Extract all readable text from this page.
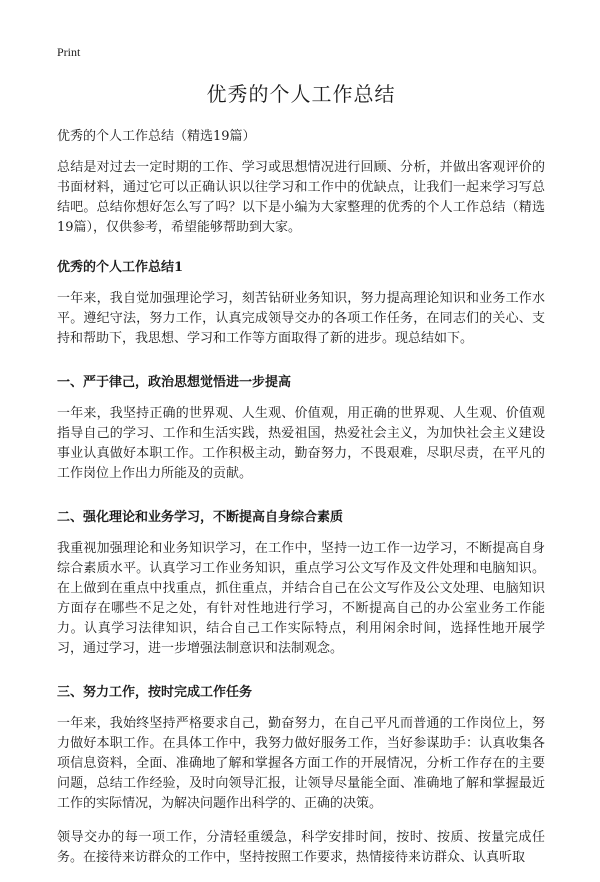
Print
优秀的个人工作总结
优秀的个人工作总结（精选19篇）

总结是对过去一定时期的工作、学习或思想情况进行回顾、分析，并做出客观评价的书面材料，通过它可以正确认识以往学习和工作中的优缺点，让我们一起来学习写总结吧。总结你想好怎么写了吗？以下是小编为大家整理的优秀的个人工作总结（精选19篇），仅供参考，希望能够帮助到大家。

优秀的个人工作总结1

一年来，我自觉加强理论学习，刻苦钻研业务知识，努力提高理论知识和业务工作水平。遵纪守法，努力工作，认真完成领导交办的各项工作任务，在同志们的关心、支持和帮助下，我思想、学习和工作等方面取得了新的进步。现总结如下。

一、严于律己，政治思想觉悟进一步提高

一年来，我坚持正确的世界观、人生观、价值观，用正确的世界观、人生观、价值观指导自己的学习、工作和生活实践，热爱祖国，热爱社会主义，为加快社会主义建设事业认真做好本职工作。工作积极主动，勤奋努力，不畏艰难，尽职尽责，在平凡的工作岗位上作出力所能及的贡献。

二、强化理论和业务学习，不断提高自身综合素质

我重视加强理论和业务知识学习，在工作中，坚持一边工作一边学习，不断提高自身综合素质水平。认真学习工作业务知识，重点学习公文写作及文件处理和电脑知识。在上做到在重点中找重点，抓住重点，并结合自己在公文写作及公文处理、电脑知识方面存在哪些不足之处，有针对性地进行学习，不断提高自己的办公室业务工作能力。认真学习法律知识，结合自己工作实际特点，利用闲余时间，选择性地开展学习，通过学习，进一步增强法制意识和法制观念。

三、努力工作，按时完成工作任务

一年来，我始终坚持严格要求自己，勤奋努力，在自己平凡而普通的工作岗位上，努力做好本职工作。在具体工作中，我努力做好服务工作，当好参谋助手：认真收集各项信息资料，全面、准确地了解和掌握各方面工作的开展情况，分析工作存在的主要问题，总结工作经验，及时向领导汇报，让领导尽量能全面、准确地了解和掌握最近工作的实际情况，为解决问题作出科学的、正确的决策。

领导交办的每一项工作，分清轻重缓急，科学安排时间，按时、按质、按量完成任务。在接待来访群众的工作中，坚持按照工作要求，热情接待来访群众、认真听取
